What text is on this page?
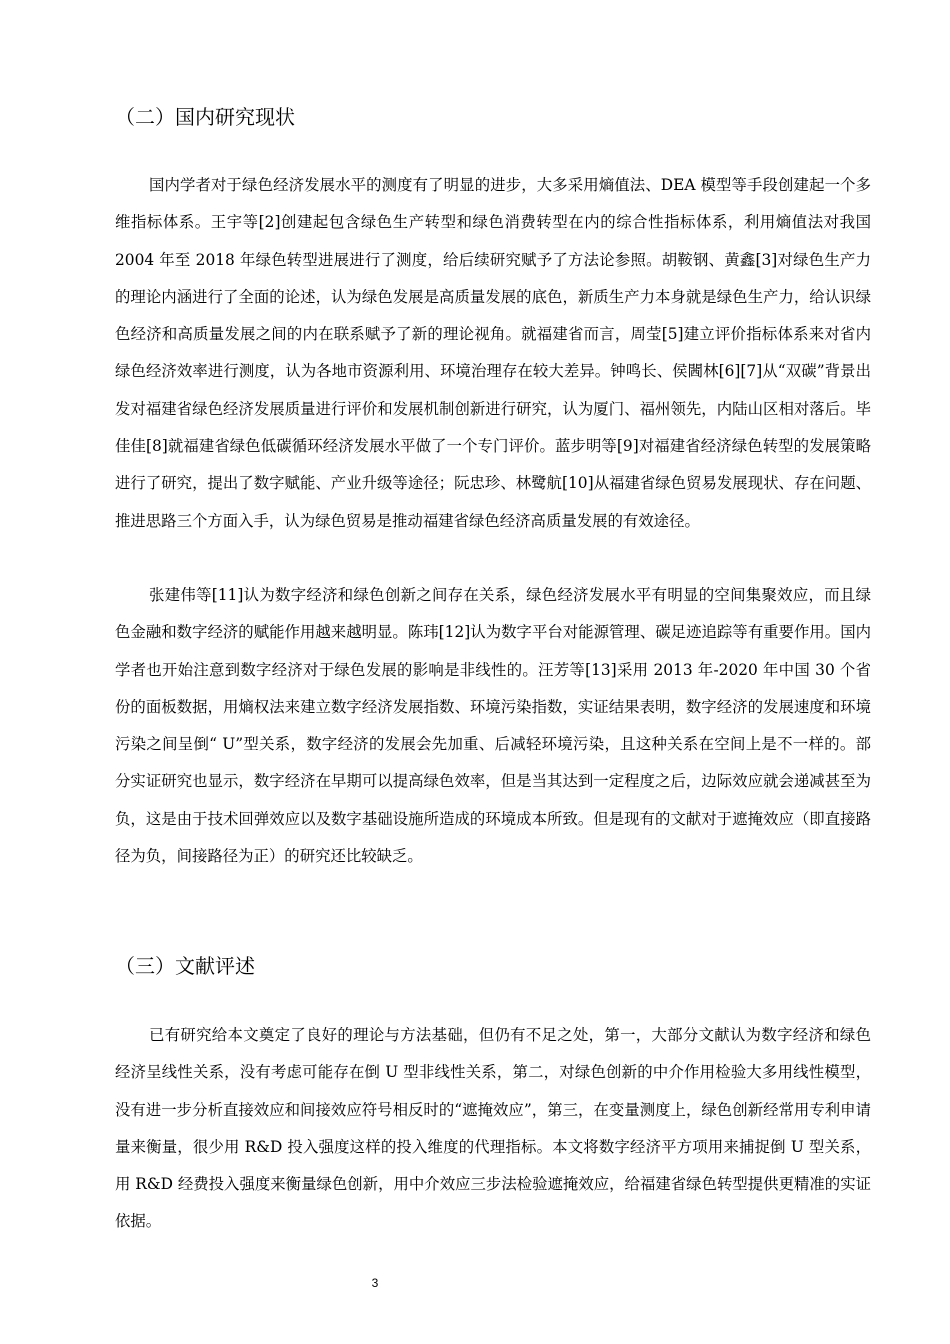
（二）国内研究现状

国内学者对于绿色经济发展水平的测度有了明显的进步，大多采用熵值法、DEA 模型等手段创建起一个多维指标体系。王宇等[2]创建起包含绿色生产转型和绿色消费转型在内的综合性指标体系，利用熵值法对我国 2004 年至 2018 年绿色转型进展进行了测度，给后续研究赋予了方法论参照。胡鞍钢、黄鑫[3]对绿色生产力的理论内涵进行了全面的论述，认为绿色发展是高质量发展的底色，新质生产力本身就是绿色生产力，给认识绿色经济和高质量发展之间的内在联系赋予了新的理论视角。就福建省而言，周莹[5]建立评价指标体系来对省内绿色经济效率进行测度，认为各地市资源利用、环境治理存在较大差异。钟鸣长、侯閪林[6][7]从“双碳”背景出发对福建省绿色经济发展质量进行评价和发展机制创新进行研究，认为厦门、福州领先，内陆山区相对落后。毕佳佳[8]就福建省绿色低碳循环经济发展水平做了一个专门评价。蓝步明等[9]对福建省经济绿色转型的发展策略进行了研究，提出了数字赋能、产业升级等途径；阮忠珍、林鹭航[10]从福建省绿色贸易发展现状、存在问题、推进思路三个方面入手，认为绿色贸易是推动福建省绿色经济高质量发展的有效途径。

张建伟等[11]认为数字经济和绿色创新之间存在关系，绿色经济发展水平有明显的空间集聚效应，而且绿色金融和数字经济的赋能作用越来越明显。陈玮[12]认为数字平台对能源管理、碳足迹追踪等有重要作用。国内学者也开始注意到数字经济对于绿色发展的影响是非线性的。汪芳等[13]采用 2013 年-2020 年中国 30 个省份的面板数据，用熵权法来建立数字经济发展指数、环境污染指数，实证结果表明，数字经济的发展速度和环境污染之间呈倒“ U”型关系，数字经济的发展会先加重、后减轻环境污染，且这种关系在空间上是不一样的。部分实证研究也显示，数字经济在早期可以提高绿色效率，但是当其达到一定程度之后，边际效应就会递减甚至为负，这是由于技术回弹效应以及数字基础设施所造成的环境成本所致。但是现有的文献对于遮掩效应（即直接路径为负，间接路径为正）的研究还比较缺乏。

（三）文献评述

已有研究给本文奠定了良好的理论与方法基础，但仍有不足之处，第一，大部分文献认为数字经济和绿色经济呈线性关系，没有考虑可能存在倒 U 型非线性关系，第二，对绿色创新的中介作用检验大多用线性模型，没有进一步分析直接效应和间接效应符号相反时的“遮掩效应”，第三，在变量测度上，绿色创新经常用专利申请量来衡量，很少用 R&D 投入强度这样的投入维度的代理指标。本文将数字经济平方项用来捕捉倒 U 型关系，用 R&D 经费投入强度来衡量绿色创新，用中介效应三步法检验遮掩效应，给福建省绿色转型提供更精准的实证依据。

3
